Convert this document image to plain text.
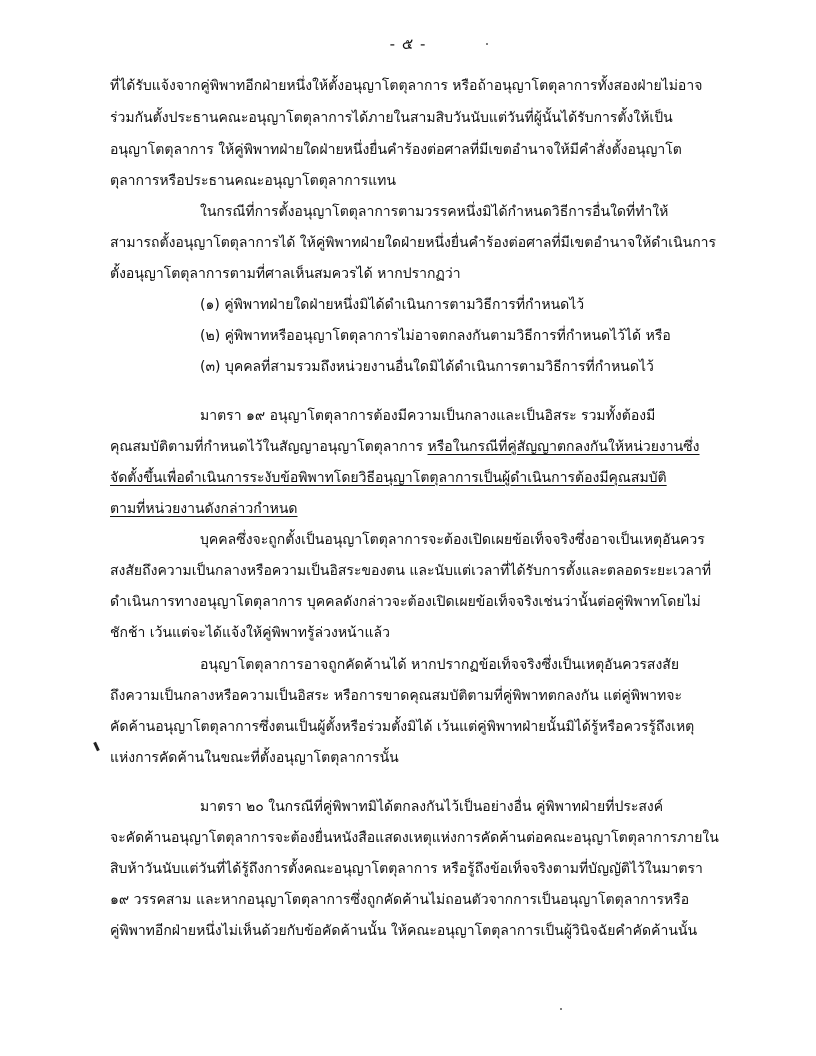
- ๕ -
ที่ได้รับแจ้งจากคู่พิพาทอีกฝ่ายหนึ่งให้ตั้งอนุญาโตตุลาการ หรือถ้าอนุญาโตตุลาการทั้งสองฝ่ายไม่อาจ
ร่วมกันตั้งประธานคณะอนุญาโตตุลาการได้ภายในสามสิบวันนับแต่วันที่ผู้นั้นได้รับการตั้งให้เป็น
อนุญาโตตุลาการ ให้คู่พิพาทฝ่ายใดฝ่ายหนึ่งยื่นคำร้องต่อศาลที่มีเขตอำนาจให้มีคำสั่งตั้งอนุญาโต
ตุลาการหรือประธานคณะอนุญาโตตุลาการแทน
ในกรณีที่การตั้งอนุญาโตตุลาการตามวรรคหนึ่งมิได้กำหนดวิธีการอื่นใดที่ทำให้
สามารถตั้งอนุญาโตตุลาการได้ ให้คู่พิพาทฝ่ายใดฝ่ายหนึ่งยื่นคำร้องต่อศาลที่มีเขตอำนาจให้ดำเนินการ
ตั้งอนุญาโตตุลาการตามที่ศาลเห็นสมควรได้ หากปรากฏว่า
(๑) คู่พิพาทฝ่ายใดฝ่ายหนึ่งมิได้ดำเนินการตามวิธีการที่กำหนดไว้
(๒) คู่พิพาทหรืออนุญาโตตุลาการไม่อาจตกลงกันตามวิธีการที่กำหนดไว้ได้ หรือ
(๓) บุคคลที่สามรวมถึงหน่วยงานอื่นใดมิได้ดำเนินการตามวิธีการที่กำหนดไว้
มาตรา ๑๙ อนุญาโตตุลาการต้องมีความเป็นกลางและเป็นอิสระ รวมทั้งต้องมี
คุณสมบัติตามที่กำหนดไว้ในสัญญาอนุญาโตตุลาการ หรือในกรณีที่คู่สัญญาตกลงกันให้หน่วยงานซึ่ง
จัดตั้งขึ้นเพื่อดำเนินการระงับข้อพิพาทโดยวิธีอนุญาโตตุลาการเป็นผู้ดำเนินการต้องมีคุณสมบัติ
ตามที่หน่วยงานดังกล่าวกำหนด
บุคคลซึ่งจะถูกตั้งเป็นอนุญาโตตุลาการจะต้องเปิดเผยข้อเท็จจริงซึ่งอาจเป็นเหตุอันควร
สงสัยถึงความเป็นกลางหรือความเป็นอิสระของตน และนับแต่เวลาที่ได้รับการตั้งและตลอดระยะเวลาที่
ดำเนินการทางอนุญาโตตุลาการ บุคคลดังกล่าวจะต้องเปิดเผยข้อเท็จจริงเช่นว่านั้นต่อคู่พิพาทโดยไม่
ชักช้า เว้นแต่จะได้แจ้งให้คู่พิพาทรู้ล่วงหน้าแล้ว
อนุญาโตตุลาการอาจถูกคัดค้านได้ หากปรากฏข้อเท็จจริงซึ่งเป็นเหตุอันควรสงสัย
ถึงความเป็นกลางหรือความเป็นอิสระ หรือการขาดคุณสมบัติตามที่คู่พิพาทตกลงกัน แต่คู่พิพาทจะ
คัดค้านอนุญาโตตุลาการซึ่งตนเป็นผู้ตั้งหรือร่วมตั้งมิได้ เว้นแต่คู่พิพาทฝ่ายนั้นมิได้รู้หรือควรรู้ถึงเหตุ
แห่งการคัดค้านในขณะที่ตั้งอนุญาโตตุลาการนั้น
มาตรา ๒๐ ในกรณีที่คู่พิพาทมิได้ตกลงกันไว้เป็นอย่างอื่น คู่พิพาทฝ่ายที่ประสงค์
จะคัดค้านอนุญาโตตุลาการจะต้องยื่นหนังสือแสดงเหตุแห่งการคัดค้านต่อคณะอนุญาโตตุลาการภายใน
สิบห้าวันนับแต่วันที่ได้รู้ถึงการตั้งคณะอนุญาโตตุลาการ หรือรู้ถึงข้อเท็จจริงตามที่บัญญัติไว้ในมาตรา
๑๙ วรรคสาม และหากอนุญาโตตุลาการซึ่งถูกคัดค้านไม่ถอนตัวจากการเป็นอนุญาโตตุลาการหรือ
คู่พิพาทอีกฝ่ายหนึ่งไม่เห็นด้วยกับข้อคัดค้านนั้น ให้คณะอนุญาโตตุลาการเป็นผู้วินิจฉัยคำคัดค้านนั้น
